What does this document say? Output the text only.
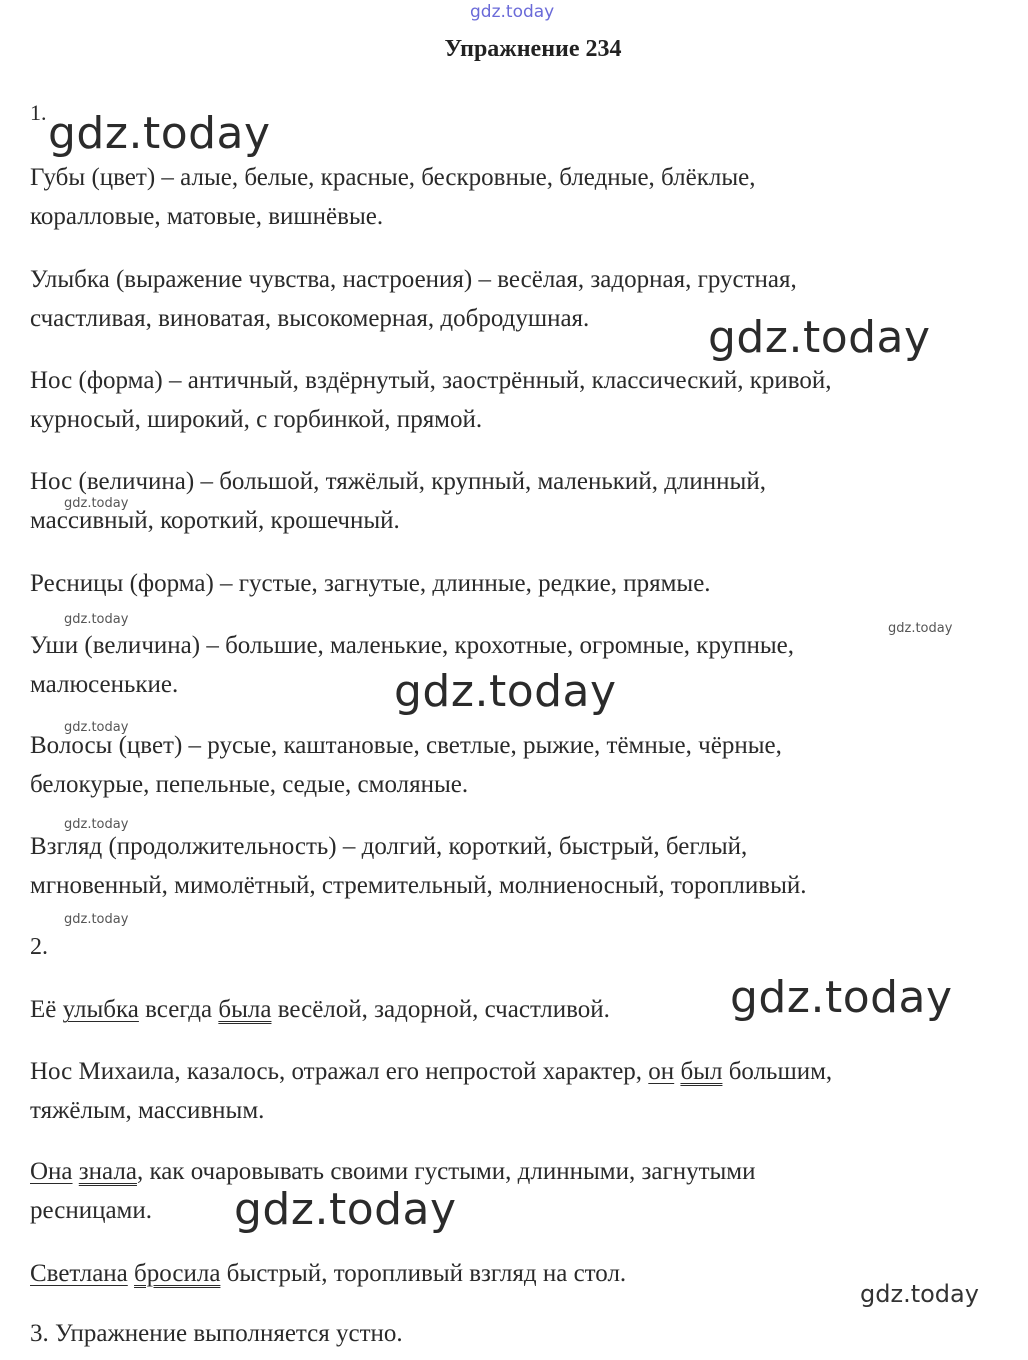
gdz.today
gdz.today
gdz.today
gdz.today
gdz.today
gdz.today
gdz.today
gdz.today
gdz.today
gdz.today
gdz.today
gdz.today
gdz.today
Упражнение 234
1.
Губы (цвет) – алые, белые, красные, бескровные, бледные, блёклые,
коралловые, матовые, вишнёвые.
Улыбка (выражение чувства, настроения) – весёлая, задорная, грустная,
счастливая, виноватая, высокомерная, добродушная.
Нос (форма) – античный, вздёрнутый, заострённый, классический, кривой,
курносый, широкий, с горбинкой, прямой.
Нос (величина) – большой, тяжёлый, крупный, маленький, длинный,
массивный, короткий, крошечный.
Ресницы (форма) – густые, загнутые, длинные, редкие, прямые.
Уши (величина) – большие, маленькие, крохотные, огромные, крупные,
малюсенькие.
Волосы (цвет) – русые, каштановые, светлые, рыжие, тёмные, чёрные,
белокурые, пепельные, седые, смоляные.
Взгляд (продолжительность) – долгий, короткий, быстрый, беглый,
мгновенный, мимолётный, стремительный, молниеносный, торопливый.
2.
Её улыбка всегда была весёлой, задорной, счастливой.
Нос Михаила, казалось, отражал его непростой характер, он был большим,
тяжёлым, массивным.
Она знала, как очаровывать своими густыми, длинными, загнутыми
ресницами.
Светлана бросила быстрый, торопливый взгляд на стол.
3. Упражнение выполняется устно.
